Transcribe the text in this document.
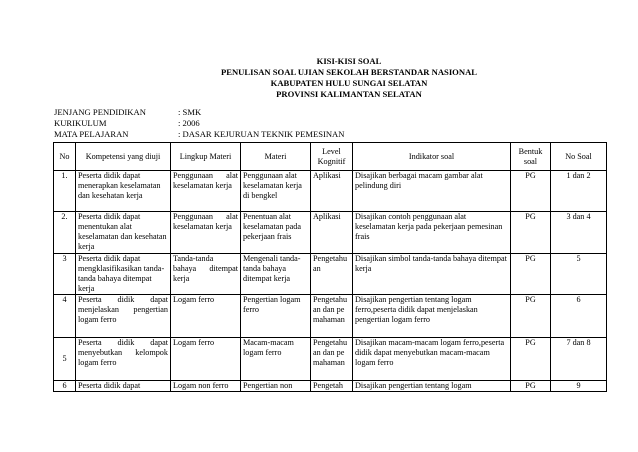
KISI-KISI SOAL
PENULISAN SOAL UJIAN SEKOLAH BERSTANDAR NASIONAL
KABUPATEN HULU SUNGAI SELATAN
PROVINSI KALIMANTAN SELATAN
JENJANG PENDIDIKAN	: SMK
KURIKULUM	: 2006
MATA PELAJARAN	: DASAR KEJURUAN TEKNIK PEMESINAN
No	Kompetensi yang diuji	Lingkup Materi	Materi	Level Kognitif	Indikator soal	Bentuk soal	No Soal
1.	Peserta didik dapat menerapkan keselamatan dan kesehatan kerja	Penggunaan alat keselamatan kerja	Penggunaan alat keselamatan kerja di bengkel	Aplikasi	Disajikan berbagai macam gambar alat pelindung diri	PG	1 dan 2
2.	Peserta didik dapat menentukan alat keselamatan dan kesehatan kerja	Penggunaan alat keselamatan kerja	Penentuan alat keselamatan pada pekerjaan frais	Aplikasi	Disajikan contoh penggunaan alat keselamatan kerja pada pekerjaan pemesinan frais	PG	3 dan 4
3	Peserta didik dapat mengklasifikasikan tanda-tanda bahaya ditempat kerja	Tanda-tanda bahaya ditempat kerja	Mengenali tanda-tanda bahaya ditempat kerja	Pengetahuan	Disajikan simbol tanda-tanda bahaya ditempat kerja	PG	5
4	Peserta didik dapat menjelaskan pengertian logam ferro	Logam ferro	Pengertian logam ferro	Pengetahuan dan pemahaman	Disajikan pengertian tentang logam ferro,peserta didik dapat menjelaskan pengertian logam ferro	PG	6
5	Peserta didik dapat menyebutkan kelompok logam ferro	Logam ferro	Macam-macam logam ferro	Pengetahuan dan pemahaman	Disajikan macam-macam logam ferro,peserta didik dapat menyebutkan macam-macam logam ferro	PG	7 dan 8
6	Peserta didik dapat	Logam non ferro	Pengertian non	Pengetah	Disajikan pengertian tentang logam	PG	9
